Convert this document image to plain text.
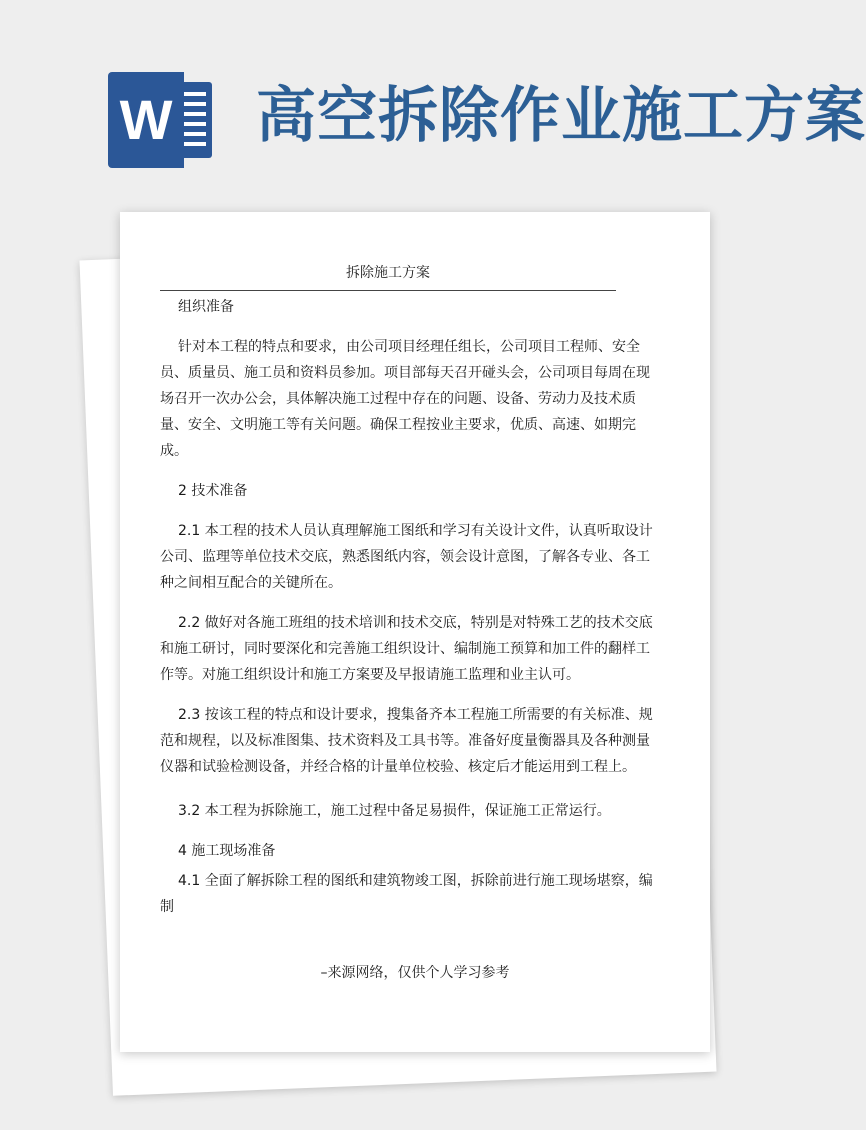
W 高空拆除作业施工方案
拆除施工方案

组织准备

针对本工程的特点和要求，由公司项目经理任组长，公司项目工程师、安全员、质量员、施工员和资料员参加。项目部每天召开碰头会，公司项目每周在现场召开一次办公会，具体解决施工过程中存在的问题、设备、劳动力及技术质量、安全、文明施工等有关问题。确保工程按业主要求，优质、高速、如期完成。

2 技术准备

2.1 本工程的技术人员认真理解施工图纸和学习有关设计文件，认真听取设计公司、监理等单位技术交底，熟悉图纸内容，领会设计意图，了解各专业、各工种之间相互配合的关键所在。

2.2 做好对各施工班组的技术培训和技术交底，特别是对特殊工艺的技术交底和施工研讨，同时要深化和完善施工组织设计、编制施工预算和加工件的翻样工作等。对施工组织设计和施工方案要及早报请施工监理和业主认可。

2.3 按该工程的特点和设计要求，搜集备齐本工程施工所需要的有关标准、规范和规程，以及标准图集、技术资料及工具书等。准备好度量衡器具及各种测量仪器和试验检测设备，并经合格的计量单位校验、核定后才能运用到工程上。

3.2 本工程为拆除施工，施工过程中备足易损件，保证施工正常运行。

4 施工现场准备

4.1 全面了解拆除工程的图纸和建筑物竣工图，拆除前进行施工现场堪察，编制

–来源网络，仅供个人学习参考
